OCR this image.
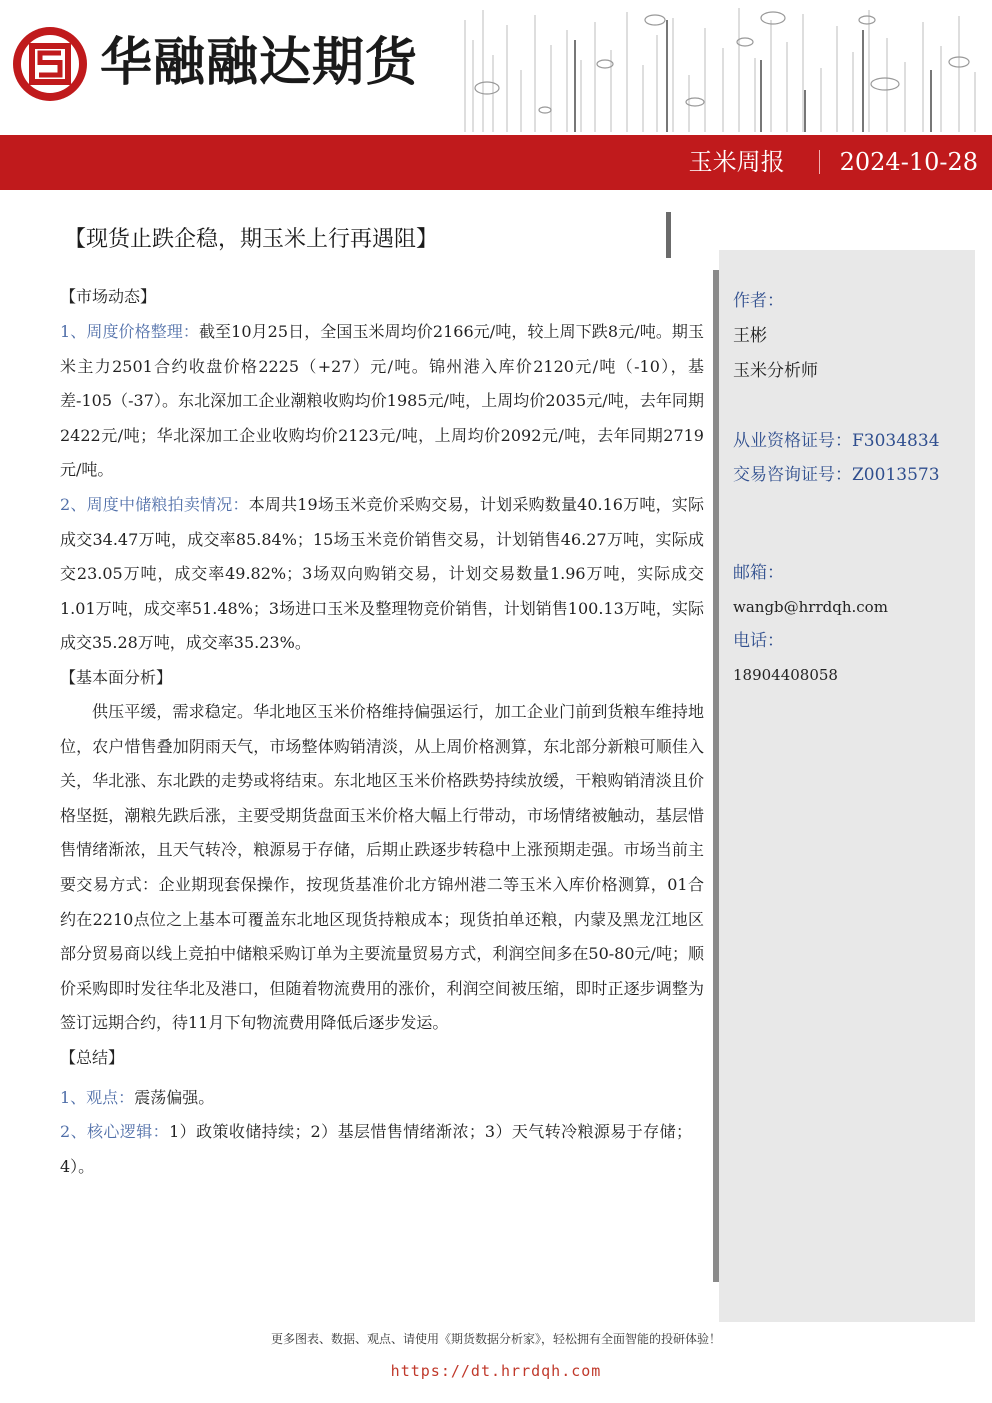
华融融达期货
玉米周报 2024-10-28
【现货止跌企稳，期玉米上行再遇阻】
作者：
王彬
玉米分析师
从业资格证号：F3034834
交易咨询证号：Z0013573
邮箱：
wangb@hrrdqh.com
电话：
18904408058
【市场动态】

1、周度价格整理：截至10月25日，全国玉米周均价2166元/吨，较上周下跌8元/吨。期玉米主力2501合约收盘价格2225（+27）元/吨。锦州港入库价2120元/吨（-10），基差-105（-37）。东北深加工企业潮粮收购均价1985元/吨，上周均价2035元/吨，去年同期2422元/吨；华北深加工企业收购均价2123元/吨，上周均价2092元/吨，去年同期2719元/吨。

2、周度中储粮拍卖情况：本周共19场玉米竞价采购交易，计划采购数量40.16万吨，实际成交34.47万吨，成交率85.84%；15场玉米竞价销售交易，计划销售46.27万吨，实际成交23.05万吨，成交率49.82%；3场双向购销交易，计划交易数量1.96万吨，实际成交1.01万吨，成交率51.48%；3场进口玉米及整理物竞价销售，计划销售100.13万吨，实际成交35.28万吨，成交率35.23%。

【基本面分析】

供压平缓，需求稳定。华北地区玉米价格维持偏强运行，加工企业门前到货粮车维持地位，农户惜售叠加阴雨天气，市场整体购销清淡，从上周价格测算，东北部分新粮可顺佳入关，华北涨、东北跌的走势或将结束。东北地区玉米价格跌势持续放缓，干粮购销清淡且价格坚挺，潮粮先跌后涨，主要受期货盘面玉米价格大幅上行带动，市场情绪被触动，基层惜售情绪渐浓，且天气转冷，粮源易于存储，后期止跌逐步转稳中上涨预期走强。市场当前主要交易方式：企业期现套保操作，按现货基准价北方锦州港二等玉米入库价格测算，01合约在2210点位之上基本可覆盖东北地区现货持粮成本；现货拍单还粮，内蒙及黑龙江地区部分贸易商以线上竞拍中储粮采购订单为主要流量贸易方式，利润空间多在50-80元/吨；顺价采购即时发往华北及港口，但随着物流费用的涨价，利润空间被压缩，即时正逐步调整为签订远期合约，待11月下旬物流费用降低后逐步发运。

【总结】

1、观点：震荡偏强。

2、核心逻辑：1）政策收储持续；2）基层惜售情绪渐浓；3）天气转冷粮源易于存储；4）。

更多图表、数据、观点、请使用《期货数据分析家》，轻松拥有全面智能的投研体验！
https://dt.hrrdqh.com
